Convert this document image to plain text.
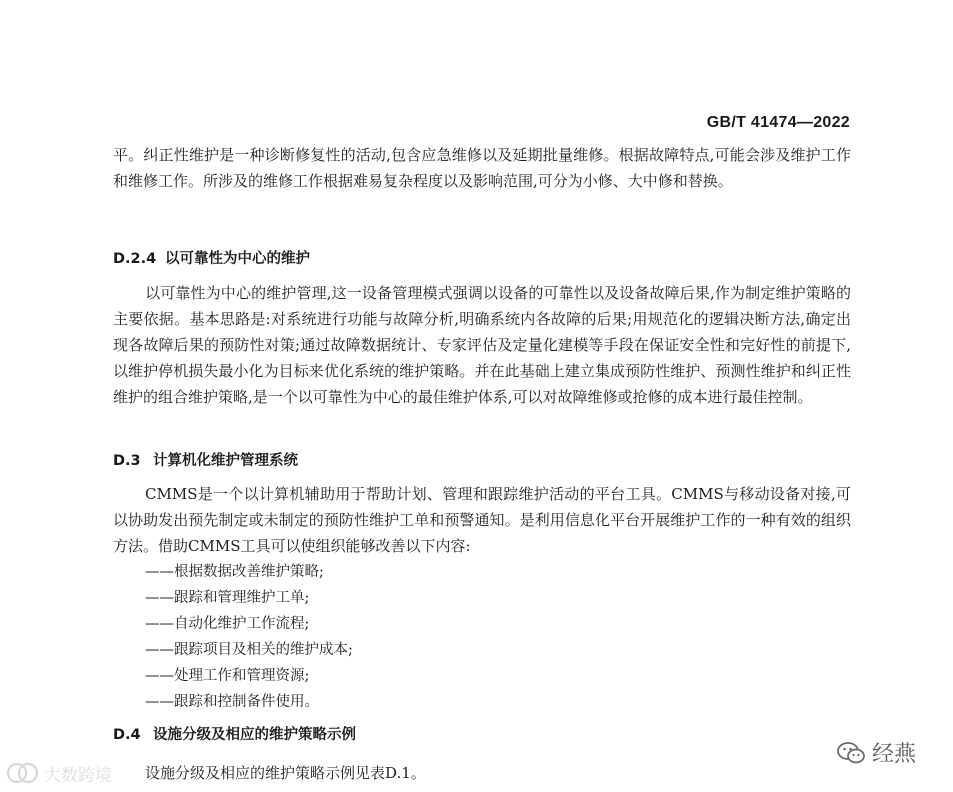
GB/T 41474—2022

平。纠正性维护是一种诊断修复性的活动,包含应急维修以及延期批量维修。根据故障特点,可能会涉及维护工作和维修工作。所涉及的维修工作根据难易复杂程度以及影响范围,可分为小修、大中修和替换。

D.2.4 以可靠性为中心的维护

以可靠性为中心的维护管理,这一设备管理模式强调以设备的可靠性以及设备故障后果,作为制定维护策略的主要依据。基本思路是:对系统进行功能与故障分析,明确系统内各故障的后果;用规范化的逻辑决断方法,确定出现各故障后果的预防性对策;通过故障数据统计、专家评估及定量化建模等手段在保证安全性和完好性的前提下,以维护停机损失最小化为目标来优化系统的维护策略。并在此基础上建立集成预防性维护、预测性维护和纠正性维护的组合维护策略,是一个以可靠性为中心的最佳维护体系,可以对故障维修或抢修的成本进行最佳控制。

D.3 计算机化维护管理系统

CMMS是一个以计算机辅助用于帮助计划、管理和跟踪维护活动的平台工具。CMMS与移动设备对接,可以协助发出预先制定或未制定的预防性维护工单和预警通知。是利用信息化平台开展维护工作的一种有效的组织方法。借助CMMS工具可以使组织能够改善以下内容:

——根据数据改善维护策略;
——跟踪和管理维护工单;
——自动化维护工作流程;
——跟踪项目及相关的维护成本;
——处理工作和管理资源;
——跟踪和控制备件使用。
D.4 设施分级及相应的维护策略示例

设施分级及相应的维护策略示例见表D.1。

大数跨境
经燕
